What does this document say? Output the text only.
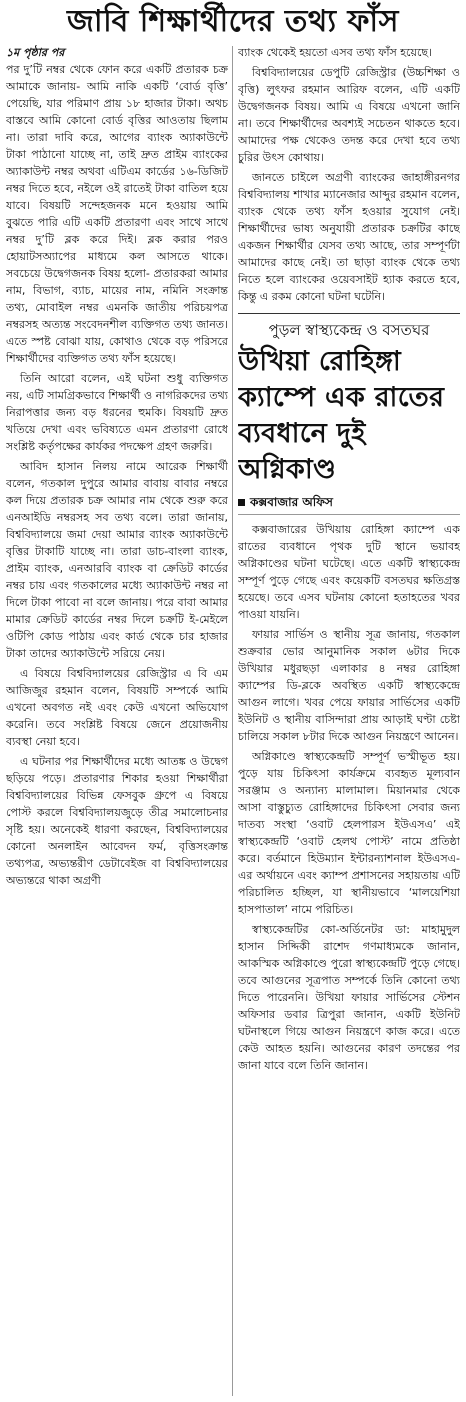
জাবি শিক্ষার্থীদের তথ্য ফাঁস

১ম পৃষ্ঠার পর
পর দু’টি নম্বর থেকে ফোন করে একটি প্রতারক চক্র আমাকে জানায়- আমি নাকি একটি ‘বোর্ড বৃত্তি’ পেয়েছি, যার পরিমাণ প্রায় ১৮ হাজার টাকা। অথচ বাস্তবে আমি কোনো বোর্ড বৃত্তির আওতায় ছিলাম না। তারা দাবি করে, আগের ব্যাংক অ্যাকাউন্টে টাকা পাঠানো যাচ্ছে না, তাই দ্রুত প্রাইম ব্যাংকের অ্যাকাউন্ট নম্বর অথবা এটিএম কার্ডের ১৬-ডিজিট নম্বর দিতে হবে, নইলে ওই রাতেই টাকা বাতিল হয়ে যাবে। বিষয়টি সন্দেহজনক মনে হওয়ায় আমি বুঝতে পারি এটি একটি প্রতারণা এবং সাথে সাথে নম্বর দু’টি ব্লক করে দিই। ব্লক করার পরও হোয়াটসঅ্যাপের মাধ্যমে কল আসতে থাকে। সবচেয়ে উদ্বেগজনক বিষয় হলো- প্রতারকরা আমার নাম, বিভাগ, ব্যাচ, মায়ের নাম, নমিনি সংক্রান্ত তথ্য, মোবাইল নম্বর এমনকি জাতীয় পরিচয়পত্র নম্বরসহ অত্যন্ত সংবেদনশীল ব্যক্তিগত তথ্য জানত। এতে স্পষ্ট বোঝা যায়, কোথাও থেকে বড় পরিসরে শিক্ষার্থীদের ব্যক্তিগত তথ্য ফাঁস হয়েছে।

তিনি আরো বলেন, এই ঘটনা শুধু ব্যক্তিগত নয়, এটি সামগ্রিকভাবে শিক্ষার্থী ও নাগরিকদের তথ্য নিরাপত্তার জন্য বড় ধরনের হুমকি। বিষয়টি দ্রুত খতিয়ে দেখা এবং ভবিষ্যতে এমন প্রতারণা রোধে সংশ্লিষ্ট কর্তৃপক্ষের কার্যকর পদক্ষেপ গ্রহণ জরুরি।

আবিদ হাসান নিলয় নামে আরেক শিক্ষার্থী বলেন, গতকাল দুপুরে আমার বাবায় বাবার নম্বরে কল দিয়ে প্রতারক চক্র আমার নাম থেকে শুরু করে এনআইডি নম্বরসহ সব তথ্য বলে। তারা জানায়, বিশ্ববিদ্যালয়ে জমা দেয়া আমার ব্যাংক অ্যাকাউন্টে বৃত্তির টাকাটি যাচ্ছে না। তারা ডাচ-বাংলা ব্যাংক, প্রাইম ব্যাংক, এনআরবি ব্যাংক বা ক্রেডিট কার্ডের নম্বর চায় এবং গতকালের মধ্যে অ্যাকাউন্ট নম্বর না দিলে টাকা পাবো না বলে জানায়। পরে বাবা আমার মামার ক্রেডিট কার্ডের নম্বর দিলে চক্রটি ই-মেইলে ওটিপি কোড পাঠায় এবং কার্ড থেকে চার হাজার টাকা তাদের অ্যাকাউন্টে সরিয়ে নেয়।

এ বিষয়ে বিশ্ববিদ্যালয়ের রেজিস্ট্রার এ বি এম আজিজুর রহমান বলেন, বিষয়টি সম্পর্কে আমি এখনো অবগত নই এবং কেউ এখনো অভিযোগ করেনি। তবে সংশ্লিষ্ট বিষয়ে জেনে প্রয়োজনীয় ব্যবস্থা নেয়া হবে।

এ ঘটনার পর শিক্ষার্থীদের মধ্যে আতঙ্ক ও উদ্বেগ ছড়িয়ে পড়ে। প্রতারণার শিকার হওয়া শিক্ষার্থীরা বিশ্ববিদ্যালয়ের বিভিন্ন ফেসবুক গ্রুপে এ বিষয়ে পোস্ট করলে বিশ্ববিদ্যালয়জুড়ে তীব্র সমালোচনার সৃষ্টি হয়। অনেকেই ধারণা করছেন, বিশ্ববিদ্যালয়ের কোনো অনলাইন আবেদন ফর্ম, বৃত্তিসংক্রান্ত তথ্যপত্র, অভ্যন্তরীণ ডেটাবেইজ বা বিশ্ববিদ্যালয়ের অভ্যন্তরে থাকা অগ্রণী

ব্যাংক থেকেই হয়তো এসব তথ্য ফাঁস হয়েছে।

বিশ্ববিদ্যালয়ের ডেপুটি রেজিস্ট্রার (উচ্চশিক্ষা ও বৃত্তি) লুৎফর রহমান আরিফ বলেন, এটি একটি উদ্বেগজনক বিষয়। আমি এ বিষয়ে এখনো জানি না। তবে শিক্ষার্থীদের অবশ্যই সচেতন থাকতে হবে। আমাদের পক্ষ থেকেও তদন্ত করে দেখা হবে তথ্য চুরির উৎস কোথায়।

জানতে চাইলে অগ্রণী ব্যাংকের জাহাঙ্গীরনগর বিশ্ববিদ্যালয় শাখার ম্যানেজার আব্দুর রহমান বলেন, ব্যাংক থেকে তথ্য ফাঁস হওয়ার সুযোগ নেই। শিক্ষার্থীদের ভাষ্য অনুযায়ী প্রতারক চক্রটির কাছে একজন শিক্ষার্থীর যেসব তথ্য আছে, তার সম্পূর্ণটা আমাদের কাছে নেই। তা ছাড়া ব্যাংক থেকে তথ্য নিতে হলে ব্যাংকের ওয়েবসাইট হ্যাক করতে হবে, কিন্তু এ রকম কোনো ঘটনা ঘটেনি।

পুড়ল স্বাস্থ্যকেন্দ্র ও বসতঘর
উখিয়া রোহিঙ্গা ক্যাম্পে এক রাতের ব্যবধানে দুই অগ্নিকাণ্ড
কক্সবাজার অফিস

কক্সবাজারের উখিয়ায় রোহিঙ্গা ক্যাম্পে এক রাতের ব্যবধানে পৃথক দুটি স্থানে ভয়াবহ অগ্নিকাণ্ডের ঘটনা ঘটেছে। এতে একটি স্বাস্থ্যকেন্দ্র সম্পূর্ণ পুড়ে গেছে এবং কয়েকটি বসতঘর ক্ষতিগ্রস্ত হয়েছে। তবে এসব ঘটনায় কোনো হতাহতের খবর পাওয়া যায়নি।

ফায়ার সার্ভিস ও স্থানীয় সূত্র জানায়, গতকাল শুক্রবার ভোর আনুমানিক সকাল ৬টার দিকে উখিয়ার মধুরছড়া এলাকার ৪ নম্বর রোহিঙ্গা ক্যাম্পের ডি-ব্লকে অবস্থিত একটি স্বাস্থ্যকেন্দ্রে আগুন লাগে। খবর পেয়ে ফায়ার সার্ভিসের একটি ইউনিট ও স্থানীয় বাসিন্দারা প্রায় আড়াই ঘণ্টা চেষ্টা চালিয়ে সকাল ৮টার দিকে আগুন নিয়ন্ত্রণে আনেন।

অগ্নিকাণ্ডে স্বাস্থ্যকেন্দ্রটি সম্পূর্ণ ভস্মীভূত হয়। পুড়ে যায় চিকিৎসা কার্যক্রমে ব্যবহৃত মূল্যবান সরঞ্জাম ও অন্যান্য মালামাল। মিয়ানমার থেকে আসা বাস্তুচ্যুত রোহিঙ্গাদের চিকিৎসা সেবার জন্য দাতব্য সংস্থা ‘ওবাট হেলপারস ইউএসএ’ এই স্বাস্থ্যকেন্দ্রটি ‘ওবাট হেলথ পোস্ট’ নামে প্রতিষ্ঠা করে। বর্তমানে হিউম্যান ইন্টারন্যাশনাল ইউএসএ-এর অর্থায়নে এবং ক্যাম্প প্রশাসনের সহায়তায় এটি পরিচালিত হচ্ছিল, যা স্থানীয়ভাবে ‘মালয়েশিয়া হাসপাতাল’ নামে পরিচিত।

স্বাস্থ্যকেন্দ্রটির কো-অর্ডিনেটর ডা: মাহামুদুল হাসান সিদ্দিকী রাশেদ গণমাধ্যমকে জানান, আকস্মিক অগ্নিকাণ্ডে পুরো স্বাস্থ্যকেন্দ্রটি পুড়ে গেছে। তবে আগুনের সূত্রপাত সম্পর্কে তিনি কোনো তথ্য দিতে পারেননি। উখিয়া ফায়ার সার্ভিসের স্টেশন অফিসার ডবার ত্রিপুরা জানান, একটি ইউনিট ঘটনাস্থলে গিয়ে আগুন নিয়ন্ত্রণে কাজ করে। এতে কেউ আহত হয়নি। আগুনের কারণ তদন্তের পর জানা যাবে বলে তিনি জানান।
